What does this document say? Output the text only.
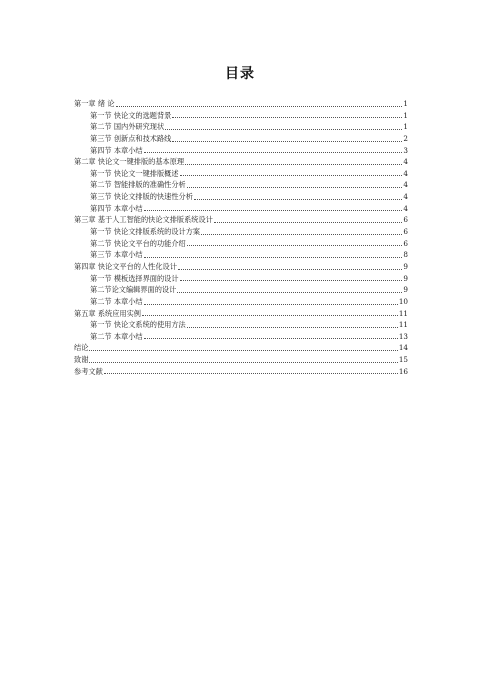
目录
第一章 绪 论	1
第一节 快论文的选题背景	1
第二节 国内外研究现状	1
第三节 创新点和技术路线	2
第四节 本章小结	3
第二章 快论文一键排版的基本原理	4
第一节 快论文一键排版概述	4
第二节 智能排版的准确性分析	4
第三节 快论文排版的快速性分析	4
第四节 本章小结	4
第三章 基于人工智能的快论文排版系统设计	6
第一节 快论文排版系统的设计方案	6
第二节 快论文平台的功能介绍	6
第三节 本章小结	8
第四章 快论文平台的人性化设计	9
第一节 模板选择界面的设计	9
第二节论文编辑界面的设计	9
第二节 本章小结	10
第五章 系统应用实例	11
第一节 快论文系统的使用方法	11
第二节 本章小结	13
结论	14
致谢	15
参考文献	16
